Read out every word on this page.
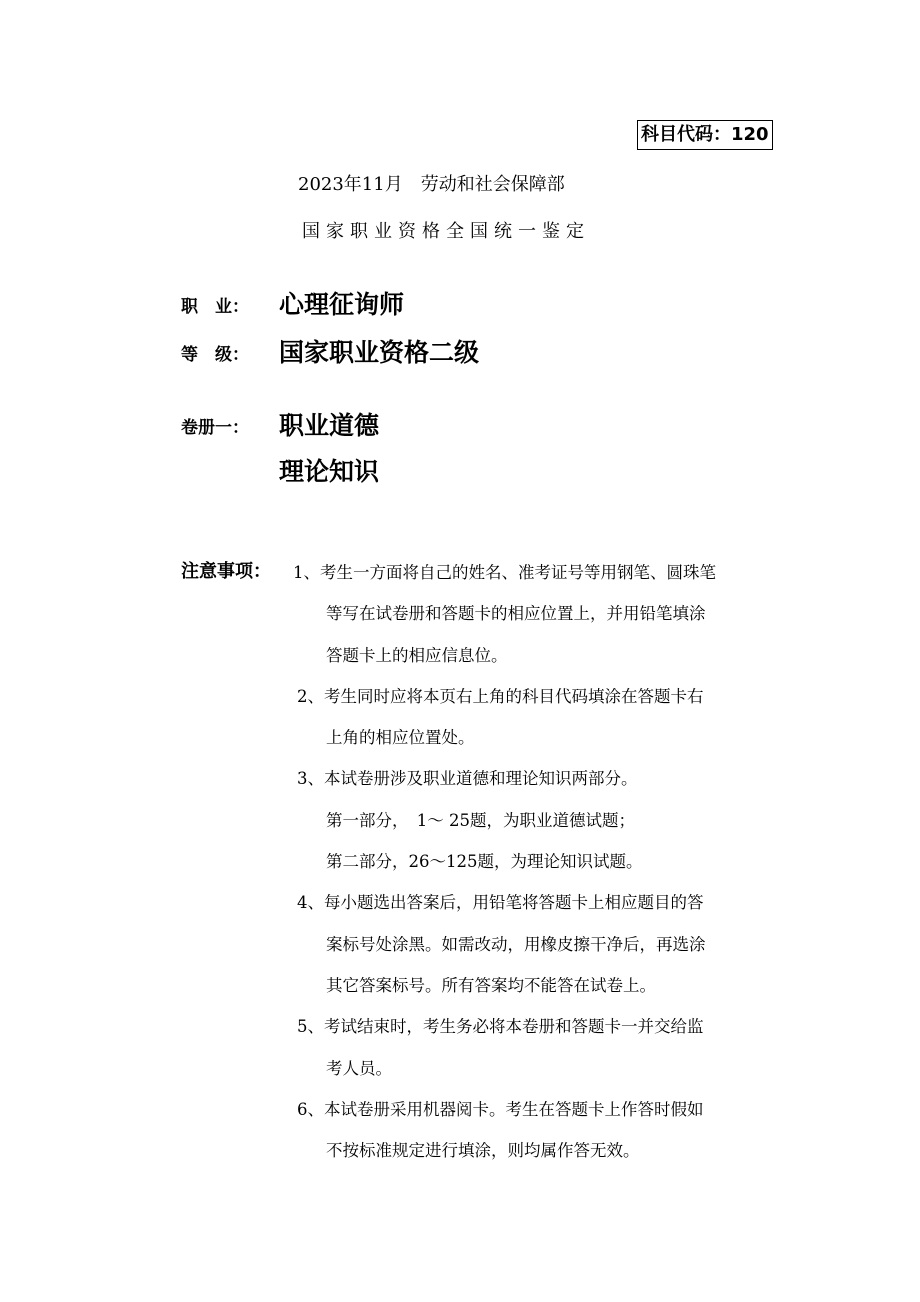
科目代码：120
2023年11月　劳动和社会保障部
国家职业资格全国统一鉴定
职　业： 心理征询师
等　级： 国家职业资格二级
卷册一： 职业道德
理论知识
注意事项： 1、考生一方面将自己的姓名、准考证号等用钢笔、圆珠笔
等写在试卷册和答题卡的相应位置上，并用铅笔填涂
答题卡上的相应信息位。
2、考生同时应将本页右上角的科目代码填涂在答题卡右
上角的相应位置处。
3、本试卷册涉及职业道德和理论知识两部分。
第一部分，　1～ 25题，为职业道德试题；
第二部分，26～125题，为理论知识试题。
4、每小题选出答案后，用铅笔将答题卡上相应题目的答
案标号处涂黑。如需改动，用橡皮擦干净后，再选涂
其它答案标号。所有答案均不能答在试卷上。
5、考试结束时，考生务必将本卷册和答题卡一并交给监
考人员。
6、本试卷册采用机器阅卡。考生在答题卡上作答时假如
不按标准规定进行填涂，则均属作答无效。
